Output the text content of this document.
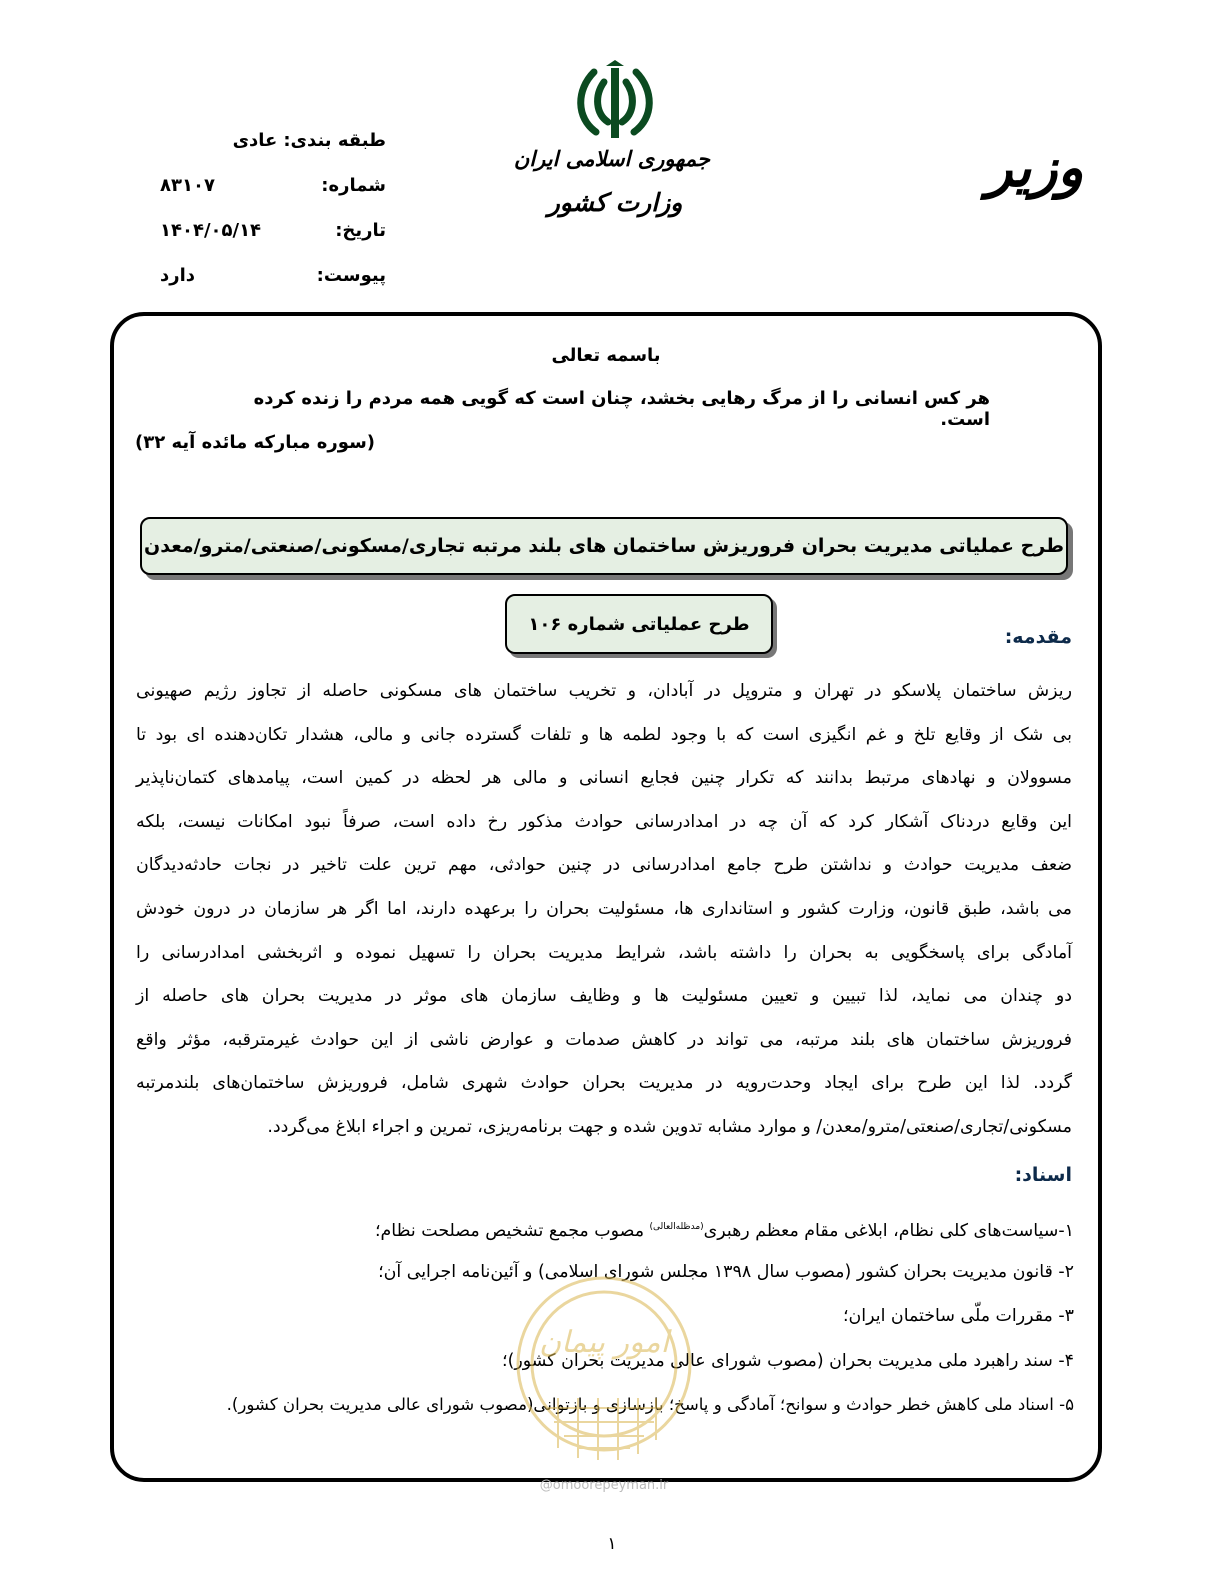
جمهوری اسلامی ایران
وزارت کشور
وزیر
طبقه بندی:
عادی
شماره:
۸۳۱۰۷
تاریخ:
۱۴۰۴/۰۵/۱۴
پیوست:
دارد
باسمه تعالی
هر کس انسانی را از مرگ رهایی بخشد، چنان است که گویی همه مردم را زنده کرده است.
(سوره مبارکه مائده آیه ۳۲)
طرح عملیاتی مدیریت بحران فروریزش ساختمان های بلند مرتبه تجاری/مسکونی/صنعتی/مترو/معدن
طرح عملیاتی شماره ۱۰۶
مقدمه:
ریزش ساختمان پلاسکو در تهران و متروپل در آبادان، و تخریب ساختمان های مسکونی حاصله از تجاوز رژیم صهیونی
بی شک از وقایع تلخ و غم انگیزی است که با وجود لطمه ها و تلفات گسترده جانی و مالی، هشدار تکان‌دهنده ای بود تا
مسوولان و نهادهای مرتبط بدانند که تکرار چنین فجایع انسانی و مالی هر لحظه در کمین است، پیامدهای کتمان‌ناپذیر
این وقایع دردناک آشکار کرد که آن چه در امدادرسانی حوادث مذکور رخ داده است، صرفاً نبود امکانات نیست، بلکه
ضعف مدیریت حوادث و نداشتن طرح جامع امدادرسانی در چنین حوادثی، مهم ترین علت تاخیر در نجات حادثه‌دیدگان
می باشد، طبق قانون، وزارت کشور و استانداری ها، مسئولیت بحران را برعهده دارند، اما اگر هر سازمان در درون خودش
آمادگی برای پاسخگویی به بحران را داشته باشد، شرایط مدیریت بحران را تسهیل نموده و اثربخشی امدادرسانی را
دو چندان می نماید، لذا تبیین و تعیین مسئولیت ها و وظایف سازمان های موثر در مدیریت بحران های حاصله از
فروریزش ساختمان های بلند مرتبه، می تواند در کاهش صدمات و عوارض ناشی از این حوادث غیرمترقبه، مؤثر واقع
گردد. لذا این طرح برای ایجاد وحدت‌رویه در مدیریت بحران حوادث شهری شامل، فروریزش ساختمان‌های بلندمرتبه
مسکونی/تجاری/صنعتی/مترو/معدن/ و موارد مشابه تدوین شده و جهت برنامه‌ریزی، تمرین و اجراء ابلاغ می‌گردد.
اسناد:
۱-سیاست‌های کلی نظام، ابلاغی مقام معظم رهبری$^{(مدظله‌العالی)}$ مصوب مجمع تشخیص مصلحت نظام؛
۲- قانون مدیریت بحران کشور (مصوب سال ۱۳۹۸ مجلس شورای اسلامی) و آئین‌نامه اجرایی آن؛
۳- مقررات ملّی ساختمان ایران؛
۴- سند راهبرد ملی مدیریت بحران (مصوب شورای عالی مدیریت بحران کشور)؛
۵- اسناد ملی کاهش خطر حوادث و سوانح؛ آمادگی و پاسخ؛ بازسازی و بازتوانی(مصوب شورای عالی مدیریت بحران کشور).
امور پیمان
@omoorepeyman.ir
۱
